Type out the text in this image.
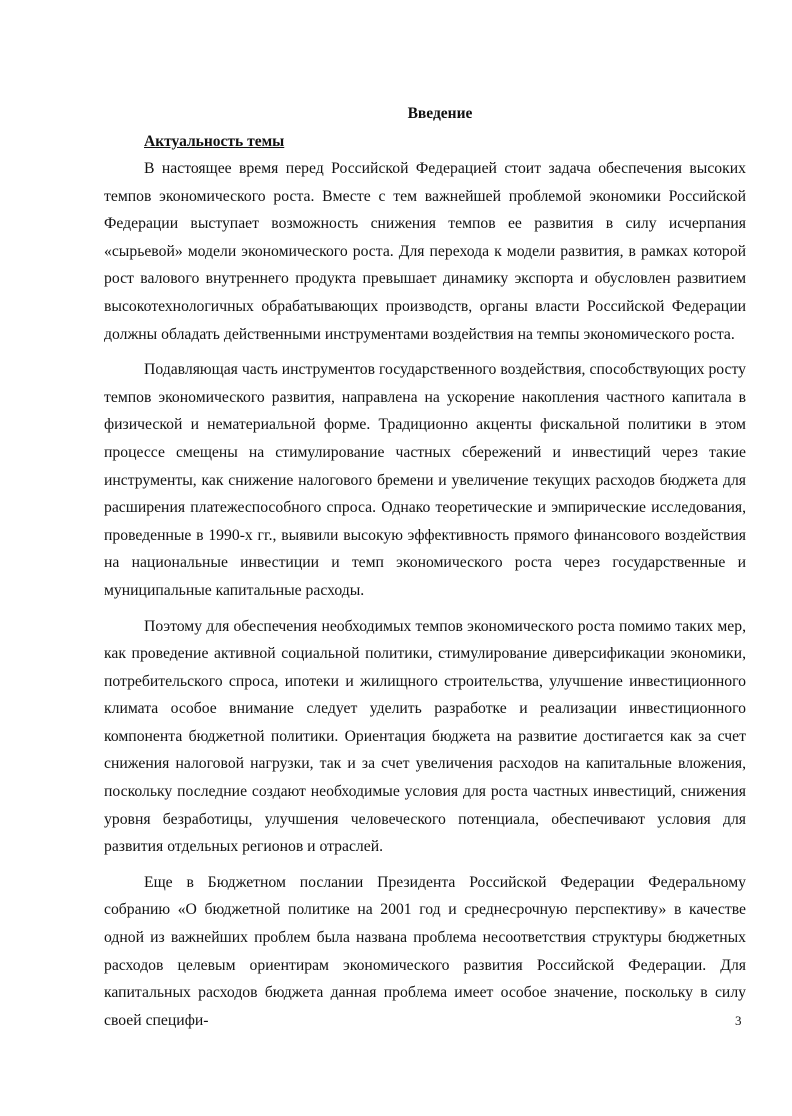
Введение
Актуальность темы

В настоящее время перед Российской Федерацией стоит задача обеспечения высоких темпов экономического роста. Вместе с тем важнейшей проблемой экономики Российской Федерации выступает возможность снижения темпов ее развития в силу исчерпания «сырьевой» модели экономического роста. Для перехода к модели развития, в рамках которой рост валового внутреннего продукта превышает динамику экспорта и обусловлен развитием высокотехнологичных обрабатывающих производств, органы власти Российской Федерации должны обладать действенными инструментами воздействия на темпы экономического роста.

Подавляющая часть инструментов государственного воздействия, способствующих росту темпов экономического развития, направлена на ускорение накопления частного капитала в физической и нематериальной форме. Традиционно акценты фискальной политики в этом процессе смещены на стимулирование частных сбережений и инвестиций через такие инструменты, как снижение налогового бремени и увеличение текущих расходов бюджета для расширения платежеспособного спроса. Однако теоретические и эмпирические исследования, проведенные в 1990-х гг., выявили высокую эффективность прямого финансового воздействия на национальные инвестиции и темп экономического роста через государственные и муниципальные капитальные расходы.

Поэтому для обеспечения необходимых темпов экономического роста помимо таких мер, как проведение активной социальной политики, стимулирование диверсификации экономики, потребительского спроса, ипотеки и жилищного строительства, улучшение инвестиционного климата особое внимание следует уделить разработке и реализации инвестиционного компонента бюджетной политики. Ориентация бюджета на развитие достигается как за счет снижения налоговой нагрузки, так и за счет увеличения расходов на капитальные вложения, поскольку последние создают необходимые условия для роста частных инвестиций, снижения уровня безработицы, улучшения человеческого потенциала, обеспечивают условия для развития отдельных регионов и отраслей.

Еще в Бюджетном послании Президента Российской Федерации Федеральному собранию «О бюджетной политике на 2001 год и среднесрочную перспективу» в качестве одной из важнейших проблем была названа проблема несоответствия структуры бюджетных расходов целевым ориентирам экономического развития Российской Федерации. Для капитальных расходов бюджета данная проблема имеет особое значение, поскольку в силу своей специфи-	3
